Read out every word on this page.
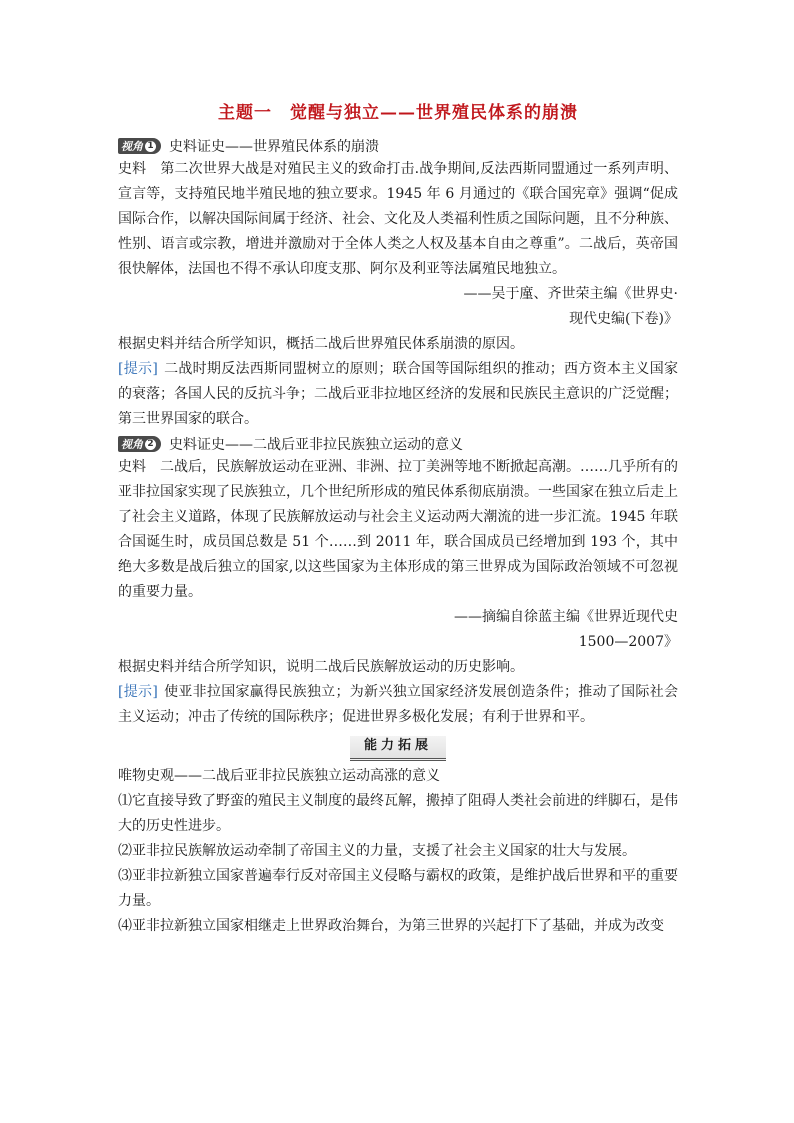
主题一　觉醒与独立——世界殖民体系的崩溃
视角 1 史料证史——世界殖民体系的崩溃

史料  第二次世界大战是对殖民主义的致命打击.战争期间,反法西斯同盟通过一系列声明、宣言等，支持殖民地半殖民地的独立要求。1945 年 6 月通过的《联合国宪章》强调“促成国际合作，以解决国际间属于经济、社会、文化及人类福利性质之国际问题，且不分种族、性别、语言或宗教，增进并激励对于全体人类之人权及基本自由之尊重”。二战后，英帝国很快解体，法国也不得不承认印度支那、阿尔及利亚等法属殖民地独立。

——吴于廑、齐世荣主编《世界史·
现代史编(下卷)》

根据史料并结合所学知识，概括二战后世界殖民体系崩溃的原因。

[提示] 二战时期反法西斯同盟树立的原则；联合国等国际组织的推动；西方资本主义国家的衰落；各国人民的反抗斗争；二战后亚非拉地区经济的发展和民族民主意识的广泛觉醒；第三世界国家的联合。

视角 2 史料证史——二战后亚非拉民族独立运动的意义

史料  二战后，民族解放运动在亚洲、非洲、拉丁美洲等地不断掀起高潮。……几乎所有的亚非拉国家实现了民族独立，几个世纪所形成的殖民体系彻底崩溃。一些国家在独立后走上了社会主义道路，体现了民族解放运动与社会主义运动两大潮流的进一步汇流。1945 年联合国诞生时，成员国总数是 51 个……到 2011 年，联合国成员已经增加到 193 个，其中绝大多数是战后独立的国家,以这些国家为主体形成的第三世界成为国际政治领域不可忽视的重要力量。

——摘编自徐蓝主编《世界近现代史
1500—2007》

根据史料并结合所学知识，说明二战后民族解放运动的历史影响。

[提示] 使亚非拉国家赢得民族独立；为新兴独立国家经济发展创造条件；推动了国际社会主义运动；冲击了传统的国际秩序；促进世界多极化发展；有利于世界和平。

能力拓展

唯物史观——二战后亚非拉民族独立运动高涨的意义

⑴它直接导致了野蛮的殖民主义制度的最终瓦解，搬掉了阻碍人类社会前进的绊脚石，是伟大的历史性进步。

⑵亚非拉民族解放运动牵制了帝国主义的力量，支援了社会主义国家的壮大与发展。

⑶亚非拉新独立国家普遍奉行反对帝国主义侵略与霸权的政策，是维护战后世界和平的重要力量。

⑷亚非拉新独立国家相继走上世界政治舞台，为第三世界的兴起打下了基础，并成为改变
